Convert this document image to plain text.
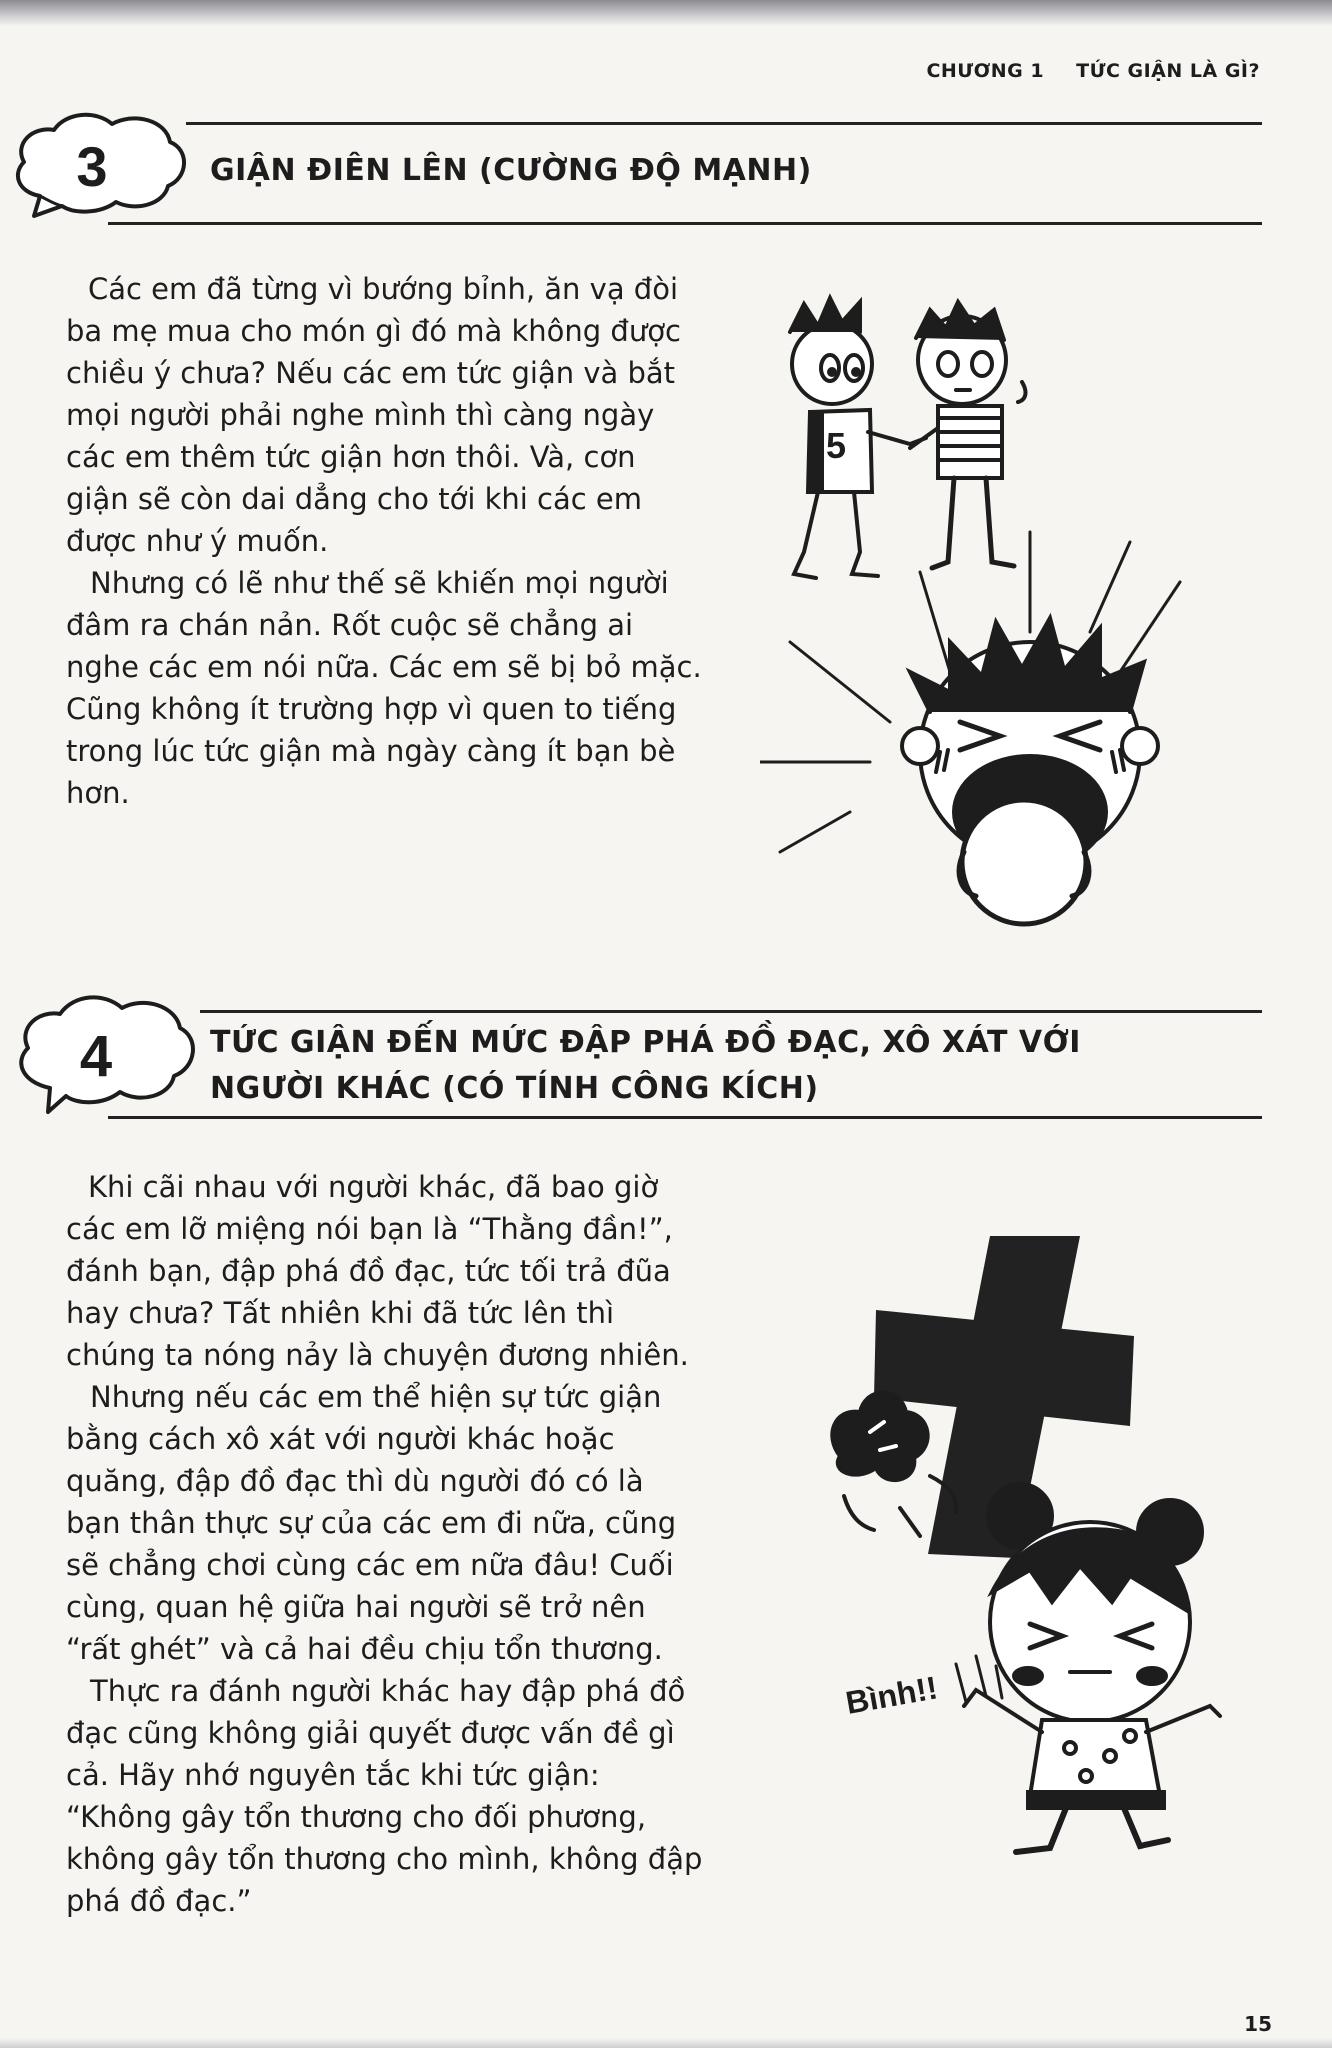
CHƯƠNG 1 TỨC GIẬN LÀ GÌ?
3	GIẬN ĐIÊN LÊN (CƯỜNG ĐỘ MẠNH)

Các em đã từng vì bướng bỉnh, ăn vạ đòi ba mẹ mua cho món gì đó mà không được chiều ý chưa? Nếu các em tức giận và bắt mọi người phải nghe mình thì càng ngày các em thêm tức giận hơn thôi. Và, cơn giận sẽ còn dai dẳng cho tới khi các em được như ý muốn.

Nhưng có lẽ như thế sẽ khiến mọi người đâm ra chán nản. Rốt cuộc sẽ chẳng ai nghe các em nói nữa. Các em sẽ bị bỏ mặc. Cũng không ít trường hợp vì quen to tiếng trong lúc tức giận mà ngày càng ít bạn bè hơn.

5
4	TỨC GIẬN ĐẾN MỨC ĐẬP PHÁ ĐỒ ĐẠC, XÔ XÁT VỚI
NGƯỜI KHÁC (CÓ TÍNH CÔNG KÍCH)

Khi cãi nhau với người khác, đã bao giờ các em lỡ miệng nói bạn là “Thằng đần!”, đánh bạn, đập phá đồ đạc, tức tối trả đũa hay chưa? Tất nhiên khi đã tức lên thì chúng ta nóng nảy là chuyện đương nhiên.

Nhưng nếu các em thể hiện sự tức giận bằng cách xô xát với người khác hoặc quăng, đập đồ đạc thì dù người đó có là bạn thân thực sự của các em đi nữa, cũng sẽ chẳng chơi cùng các em nữa đâu! Cuối cùng, quan hệ giữa hai người sẽ trở nên “rất ghét” và cả hai đều chịu tổn thương.

Thực ra đánh người khác hay đập phá đồ đạc cũng không giải quyết được vấn đề gì cả. Hãy nhớ nguyên tắc khi tức giận: “Không gây tổn thương cho đối phương, không gây tổn thương cho mình, không đập phá đồ đạc.”

Bình!!
15
